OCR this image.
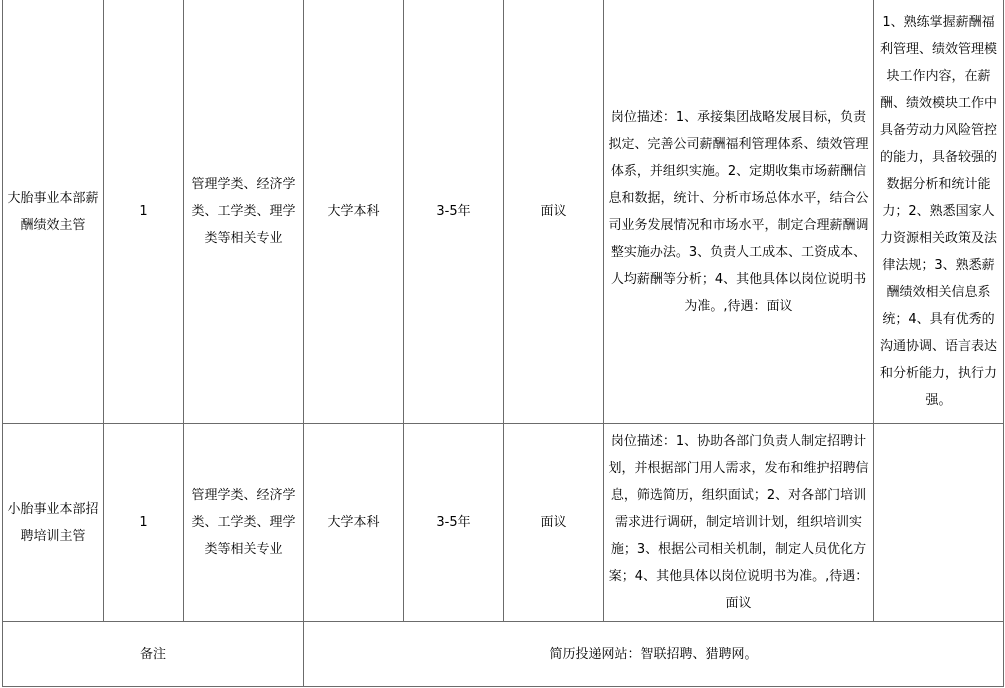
大胎事业本部薪酬绩效主管	1	管理学类、经济学类、工学类、理学类等相关专业	大学本科	3-5年	面议	岗位描述：1、承接集团战略发展目标，负责拟定、完善公司薪酬福利管理体系、绩效管理体系，并组织实施。2、定期收集市场薪酬信息和数据，统计、分析市场总体水平，结合公司业务发展情况和市场水平，制定合理薪酬调整实施办法。3、负责人工成本、工资成本、人均薪酬等分析；4、其他具体以岗位说明书为准。,待遇：面议	1、熟练掌握薪酬福利管理、绩效管理模块工作内容，在薪酬、绩效模块工作中具备劳动力风险管控的能力，具备较强的数据分析和统计能力；2、熟悉国家人力资源相关政策及法律法规；3、熟悉薪酬绩效相关信息系统；4、具有优秀的沟通协调、语言表达和分析能力，执行力强。
小胎事业本部招聘培训主管	1	管理学类、经济学类、工学类、理学类等相关专业	大学本科	3-5年	面议	岗位描述：1、协助各部门负责人制定招聘计划，并根据部门用人需求，发布和维护招聘信息，筛选简历，组织面试；2、对各部门培训需求进行调研，制定培训计划，组织培训实施；3、根据公司相关机制，制定人员优化方案；4、其他具体以岗位说明书为准。,待遇：面议	
备注			简历投递网站：智联招聘、猎聘网。				
